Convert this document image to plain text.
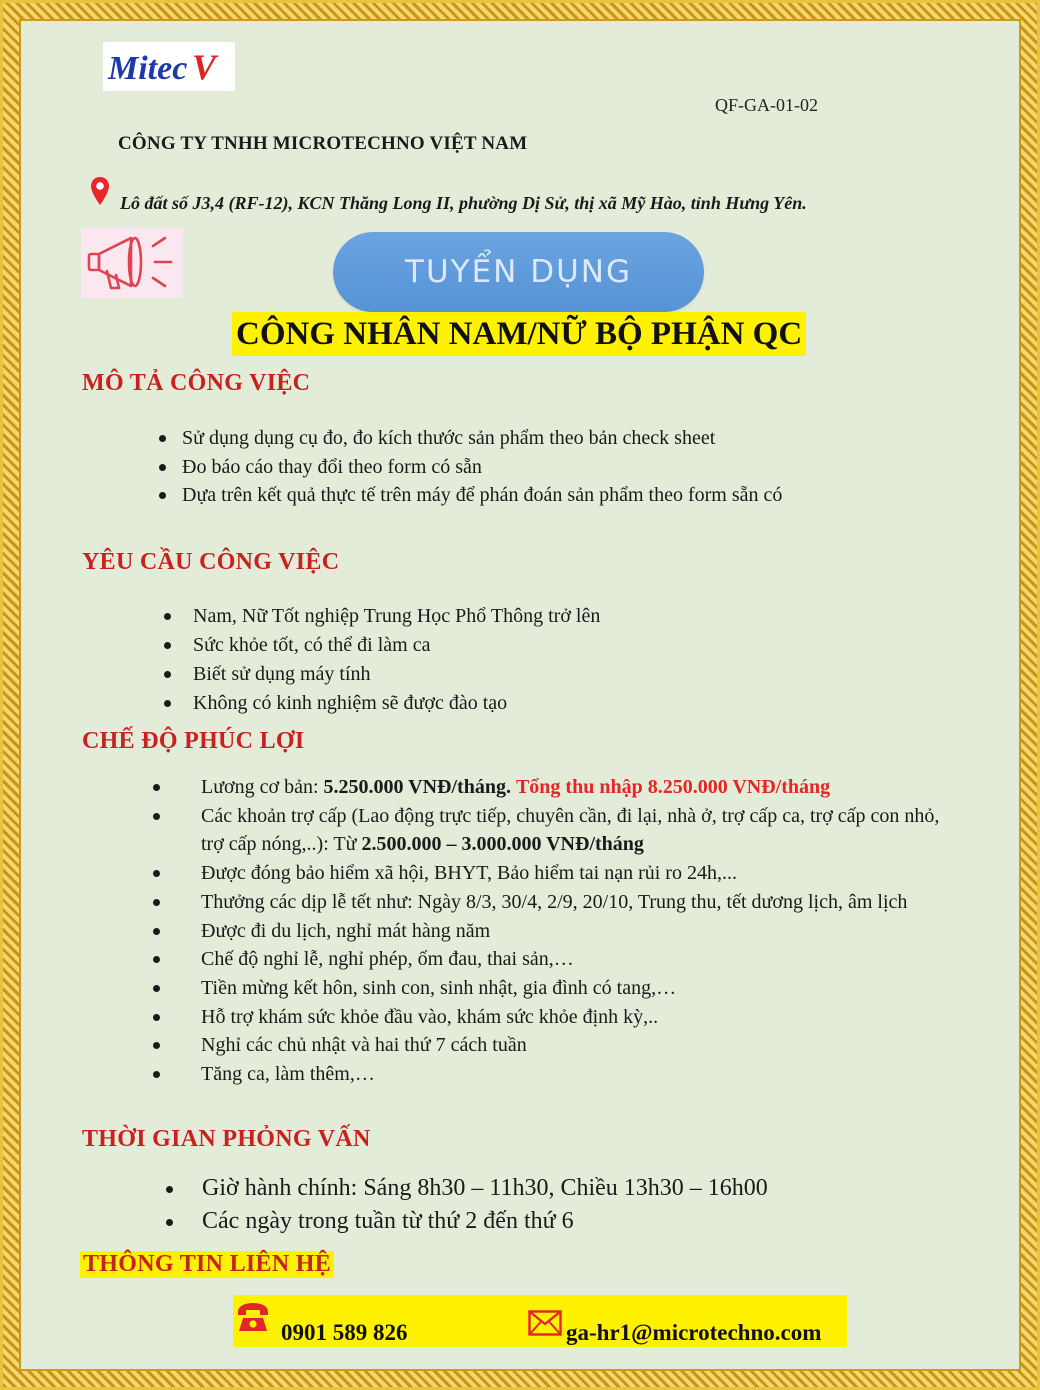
Mitec V
QF-GA-01-02
CÔNG TY TNHH MICROTECHNO VIỆT NAM
Lô đất số J3,4 (RF-12), KCN Thăng Long II, phường Dị Sử, thị xã Mỹ Hào, tỉnh Hưng Yên.
TUYỂN DỤNG
CÔNG NHÂN NAM/NỮ BỘ PHẬN QC
MÔ TẢ CÔNG VIỆC
Sử dụng dụng cụ đo, đo kích thước sản phẩm theo bản check sheet
Đo báo cáo thay đổi theo form có sẵn
Dựa trên kết quả thực tế trên máy để phán đoán sản phẩm theo form sẵn có
YÊU CẦU CÔNG VIỆC
Nam, Nữ Tốt nghiệp Trung Học Phổ Thông trở lên
Sức khỏe tốt, có thể đi làm ca
Biết sử dụng máy tính
Không có kinh nghiệm sẽ được đào tạo
CHẾ ĐỘ PHÚC LỢI
Lương cơ bản: 5.250.000 VNĐ/tháng. Tổng thu nhập 8.250.000 VNĐ/tháng
Các khoản trợ cấp (Lao động trực tiếp, chuyên cần, đi lại, nhà ở, trợ cấp ca, trợ cấp con nhỏ, trợ cấp nóng,..): Từ 2.500.000 – 3.000.000 VNĐ/tháng
Được đóng bảo hiểm xã hội, BHYT, Bảo hiểm tai nạn rủi ro 24h,...
Thưởng các dịp lễ tết như: Ngày 8/3, 30/4, 2/9, 20/10, Trung thu, tết dương lịch, âm lịch
Được đi du lịch, nghỉ mát hàng năm
Chế độ nghỉ lễ, nghỉ phép, ốm đau, thai sản,…
Tiền mừng kết hôn, sinh con, sinh nhật, gia đình có tang,…
Hỗ trợ khám sức khỏe đầu vào, khám sức khỏe định kỳ,..
Nghỉ các chủ nhật và hai thứ 7 cách tuần
Tăng ca, làm thêm,…
THỜI GIAN PHỎNG VẤN
Giờ hành chính: Sáng 8h30 – 11h30, Chiều 13h30 – 16h00
Các ngày trong tuần từ thứ 2 đến thứ 6
THÔNG TIN LIÊN HỆ
0901 589 826	ga-hr1@microtechno.com
